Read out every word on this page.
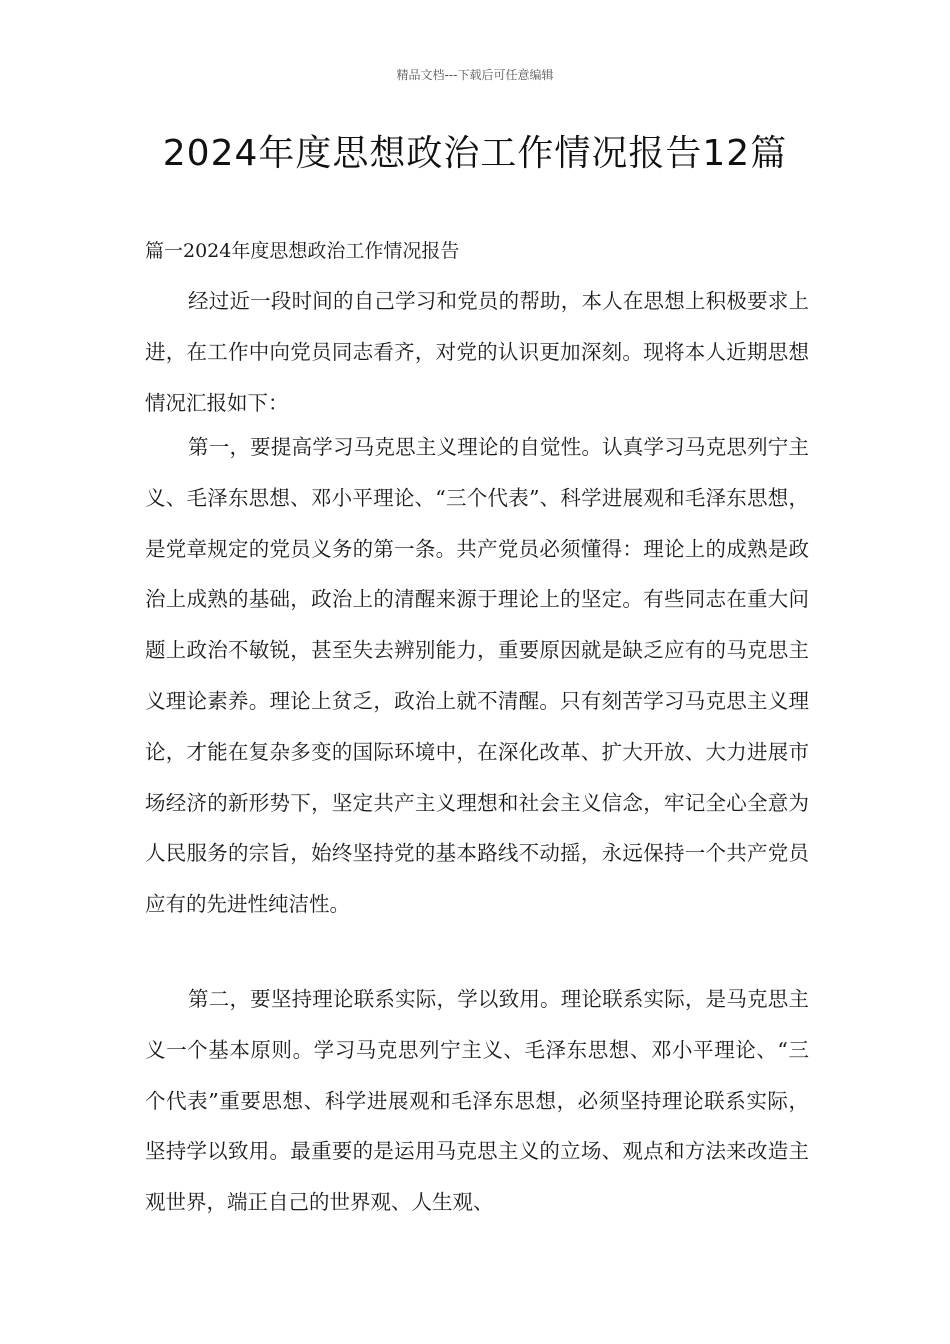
精品文档---下载后可任意编辑
2024年度思想政治工作情况报告12篇
篇一2024年度思想政治工作情况报告

经过近一段时间的自己学习和党员的帮助，本人在思想上积极要求上进，在工作中向党员同志看齐，对党的认识更加深刻。现将本人近期思想情况汇报如下：

第一，要提高学习马克思主义理论的自觉性。认真学习马克思列宁主义、毛泽东思想、邓小平理论、“三个代表”、科学进展观和毛泽东思想，是党章规定的党员义务的第一条。共产党员必须懂得：理论上的成熟是政治上成熟的基础，政治上的清醒来源于理论上的坚定。有些同志在重大问题上政治不敏锐，甚至失去辨别能力，重要原因就是缺乏应有的马克思主义理论素养。理论上贫乏，政治上就不清醒。只有刻苦学习马克思主义理论，才能在复杂多变的国际环境中，在深化改革、扩大开放、大力进展市场经济的新形势下，坚定共产主义理想和社会主义信念，牢记全心全意为人民服务的宗旨，始终坚持党的基本路线不动摇，永远保持一个共产党员应有的先进性纯洁性。

第二，要坚持理论联系实际，学以致用。理论联系实际，是马克思主义一个基本原则。学习马克思列宁主义、毛泽东思想、邓小平理论、“三个代表”重要思想、科学进展观和毛泽东思想，必须坚持理论联系实际，坚持学以致用。最重要的是运用马克思主义的立场、观点和方法来改造主观世界，端正自己的世界观、人生观、
